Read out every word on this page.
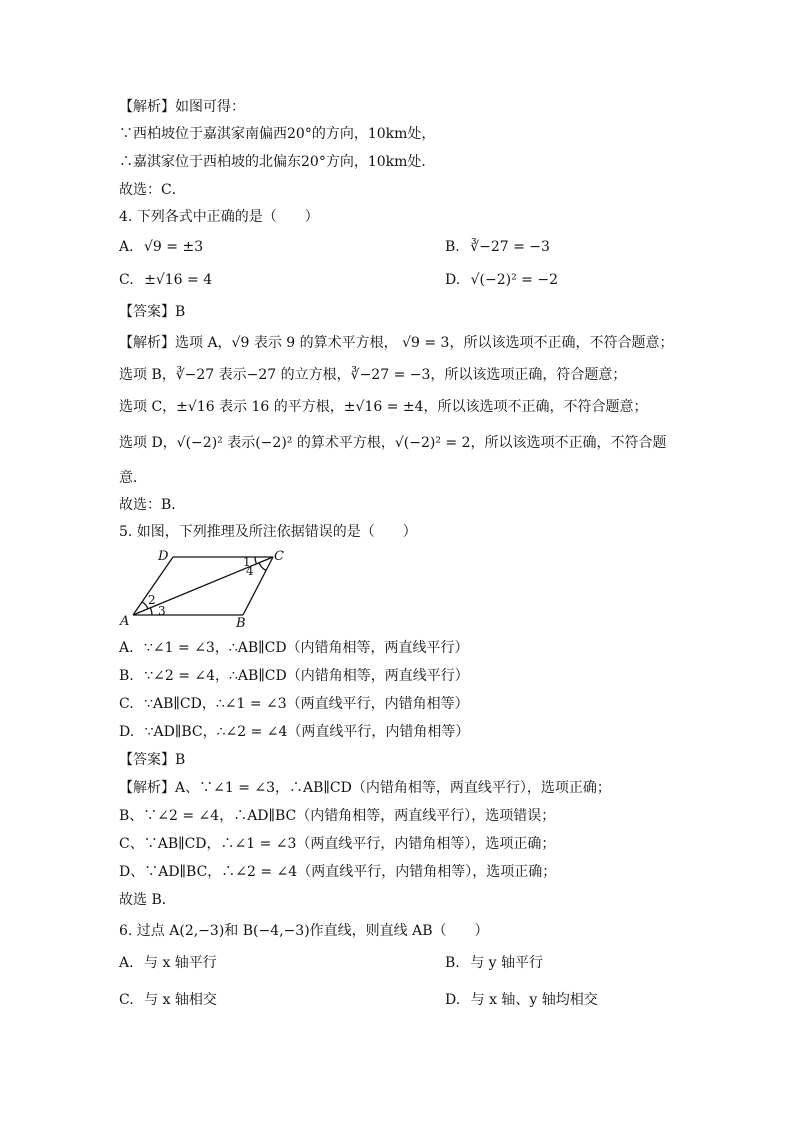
【解析】如图可得：
∵西柏坡位于嘉淇家南偏西20°的方向，10km处，
∴嘉淇家位于西柏坡的北偏东20°方向，10km处．
故选：C．
4. 下列各式中正确的是（　　）
A. √9 = ±3	B. ∛−27 = −3
C. ±√16 = 4	D. √(−2)² = −2
【答案】B
【解析】选项 A，√9 表示 9 的算术平方根， √9 = 3，所以该选项不正确，不符合题意；
选项 B，∛−27 表示−27 的立方根，∛−27 = −3，所以该选项正确，符合题意；
选项 C，±√16 表示 16 的平方根，±√16 = ±4，所以该选项不正确，不符合题意；
选项 D，√(−2)² 表示(−2)² 的算术平方根，√(−2)² = 2，所以该选项不正确，不符合题
意．
故选：B．
5. 如图，下列推理及所注依据错误的是（　　）
A	B
C
D	1
2
3
4
A. ∵∠1 = ∠3，∴AB∥CD（内错角相等，两直线平行）
B. ∵∠2 = ∠4，∴AB∥CD（内错角相等，两直线平行）
C. ∵AB∥CD，∴∠1 = ∠3（两直线平行，内错角相等）
D. ∵AD∥BC，∴∠2 = ∠4（两直线平行，内错角相等）
【答案】B
【解析】A、∵∠1 = ∠3，∴AB∥CD（内错角相等，两直线平行），选项正确；
B、∵∠2 = ∠4，∴AD∥BC（内错角相等，两直线平行），选项错误；
C、∵AB∥CD，∴∠1 = ∠3（两直线平行，内错角相等），选项正确；
D、∵AD∥BC，∴∠2 = ∠4（两直线平行，内错角相等），选项正确；
故选 B．
6. 过点 A(2,−3)和 B(−4,−3)作直线，则直线 AB（　　）
A. 与 x 轴平行	B. 与 y 轴平行
C. 与 x 轴相交	D. 与 x 轴、y 轴均相交
